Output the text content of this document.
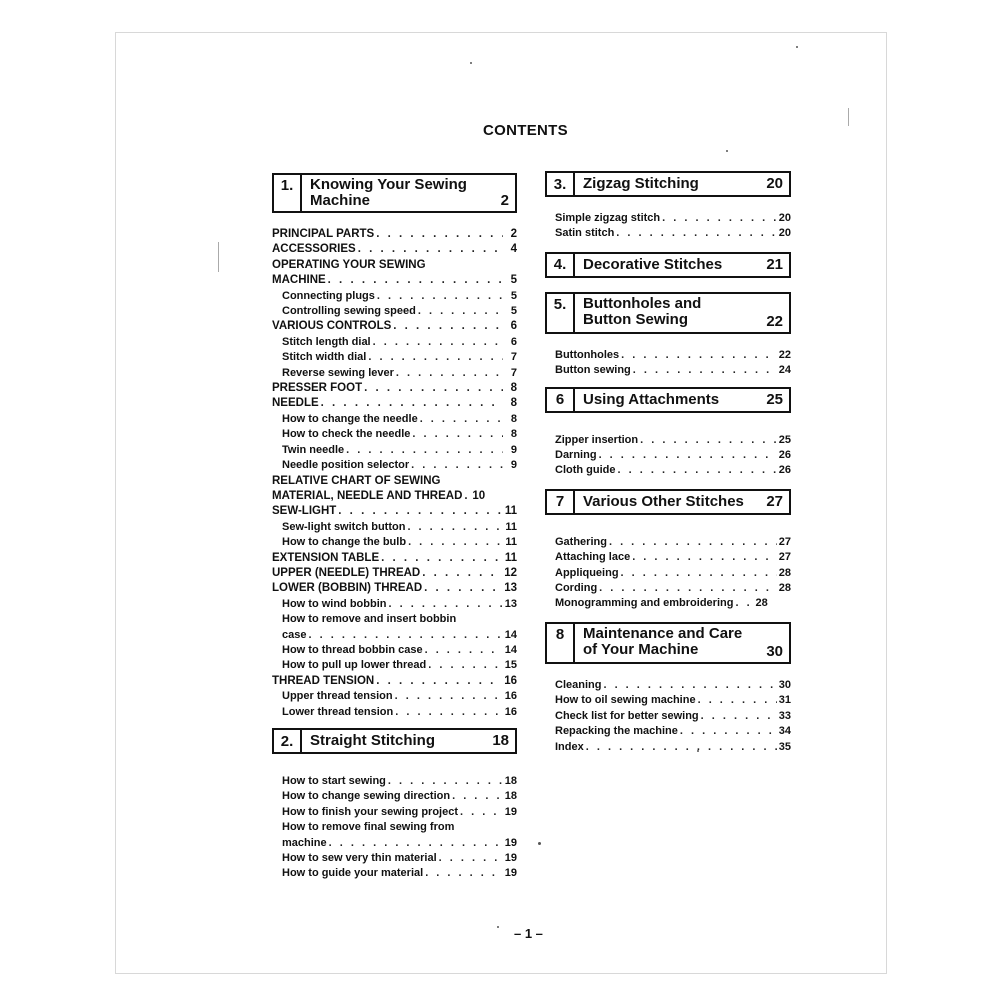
CONTENTS
1.	Knowing Your Sewing
Machine	2
PRINCIPAL PARTS . . .	2
ACCESSORIES . . .	4
OPERATING YOUR SEWING
MACHINE . . .	5
Connecting plugs . . .	5
Controlling sewing speed . . .	5
VARIOUS CONTROLS . . .	6
Stitch length dial . . .	6
Stitch width dial . . .	7
Reverse sewing lever . . .	7
PRESSER FOOT . . .	8
NEEDLE . . .	8
How to change the needle . . .	8
How to check the needle . . .	8
Twin needle . . .	9
Needle position selector . . .	9
RELATIVE CHART OF SEWING
MATERIAL, NEEDLE AND THREAD . . . 10
SEW-LIGHT . . .	11
Sew-light switch button . . .	11
How to change the bulb . . .	11
EXTENSION TABLE . . .	11
UPPER (NEEDLE) THREAD . . .	12
LOWER (BOBBIN) THREAD . . .	13
How to wind bobbin . . .	13
How to remove and insert bobbin
case . . .	14
How to thread bobbin case . . .	14
How to pull up lower thread . . .	15
THREAD TENSION . . .	16
Upper thread tension . . .	16
Lower thread tension . . .	16
2.	Straight Stitching	18
How to start sewing . . .	18
How to change sewing direction . . .	18
How to finish your sewing project . . .	19
How to remove final sewing from
machine . . .	19
How to sew very thin material . . .	19
How to guide your material . . .	19
3.	Zigzag Stitching	20
Simple zigzag stitch . . .	20
Satin stitch . . .	20
4.	Decorative Stitches	21
5.	Buttonholes and
Button Sewing	22
Buttonholes . . .	22
Button sewing . . .	24
6	Using Attachments	25
Zipper insertion . . .	25
Darning . . .	26
Cloth guide . . .	26
7	Various Other Stitches 27
Gathering . . .	27
Attaching lace . . .	27
Appliqueing . . .	28
Cording . . .	28
Monogramming and embroidering . . . 28
8	Maintenance and Care
of Your Machine	30
Cleaning . . .	30
How to oil sewing machine . . .	31
Check list for better sewing . . .	33
Repacking the machine . . .	34
Index . . .	35
– 1 –
